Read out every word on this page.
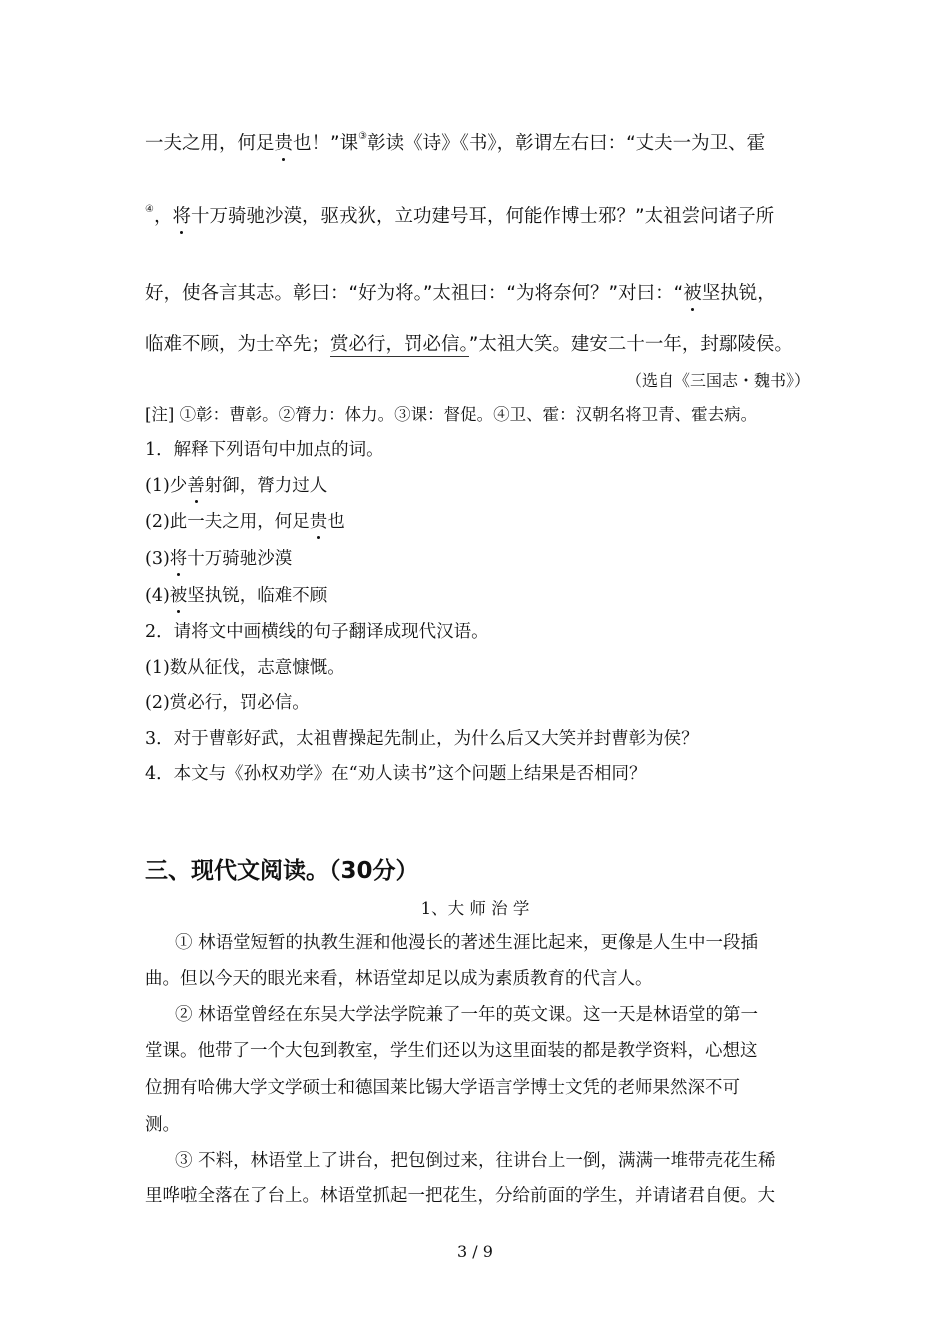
一夫之用，何足贵也！”课③彰读《诗》《书》，彰谓左右曰：“丈夫一为卫、霍
④，将十万骑驰沙漠，驱戎狄，立功建号耳，何能作博士邪？”太祖尝问诸子所
好，使各言其志。彰曰：“好为将。”太祖曰：“为将奈何？”对曰：“被坚执锐，
临难不顾，为士卒先；赏必行，罚必信。”太祖大笑。建安二十一年，封鄢陵侯。
（选自《三国志・魏书》）
[注] ①彰：曹彰。②膂力：体力。③课：督促。④卫、霍：汉朝名将卫青、霍去病。
1．解释下列语句中加点的词。
(1)少善射御，膂力过人
(2)此一夫之用，何足贵也
(3)将十万骑驰沙漠
(4)被坚执锐，临难不顾
2．请将文中画横线的句子翻译成现代汉语。
(1)数从征伐，志意慷慨。
(2)赏必行，罚必信。
3．对于曹彰好武，太祖曹操起先制止，为什么后又大笑并封曹彰为侯？
4．本文与《孙权劝学》在“劝人读书”这个问题上结果是否相同？
三、现代文阅读。（30分）
1、大 师 治 学
① 林语堂短暂的执教生涯和他漫长的著述生涯比起来，更像是人生中一段插
曲。但以今天的眼光来看，林语堂却足以成为素质教育的代言人。
② 林语堂曾经在东吴大学法学院兼了一年的英文课。这一天是林语堂的第一
堂课。他带了一个大包到教室，学生们还以为这里面装的都是教学资料，心想这
位拥有哈佛大学文学硕士和德国莱比锡大学语言学博士文凭的老师果然深不可
测。
③ 不料，林语堂上了讲台，把包倒过来，往讲台上一倒，满满一堆带壳花生稀
里哗啦全落在了台上。林语堂抓起一把花生，分给前面的学生，并请诸君自便。大
3 / 9
